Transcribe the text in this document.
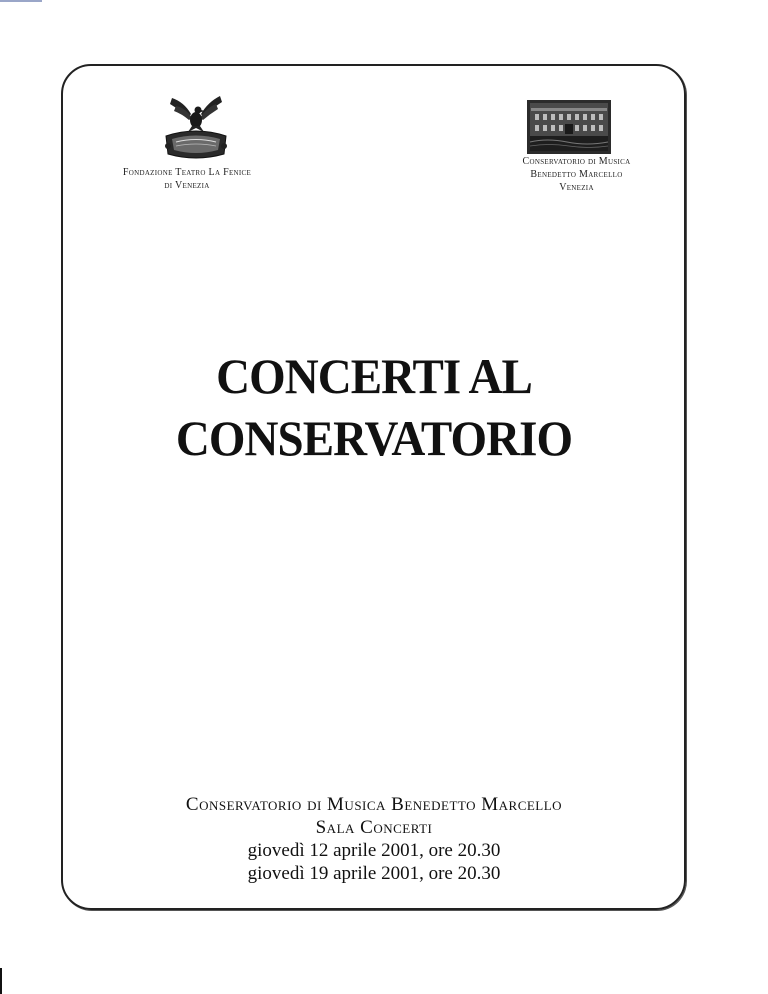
Fondazione Teatro La Fenice
di Venezia
Conservatorio di Musica
Benedetto Marcello
Venezia
CONCERTI AL
CONSERVATORIO
Conservatorio di Musica Benedetto Marcello
Sala Concerti
giovedì 12 aprile 2001, ore 20.30
giovedì 19 aprile 2001, ore 20.30
